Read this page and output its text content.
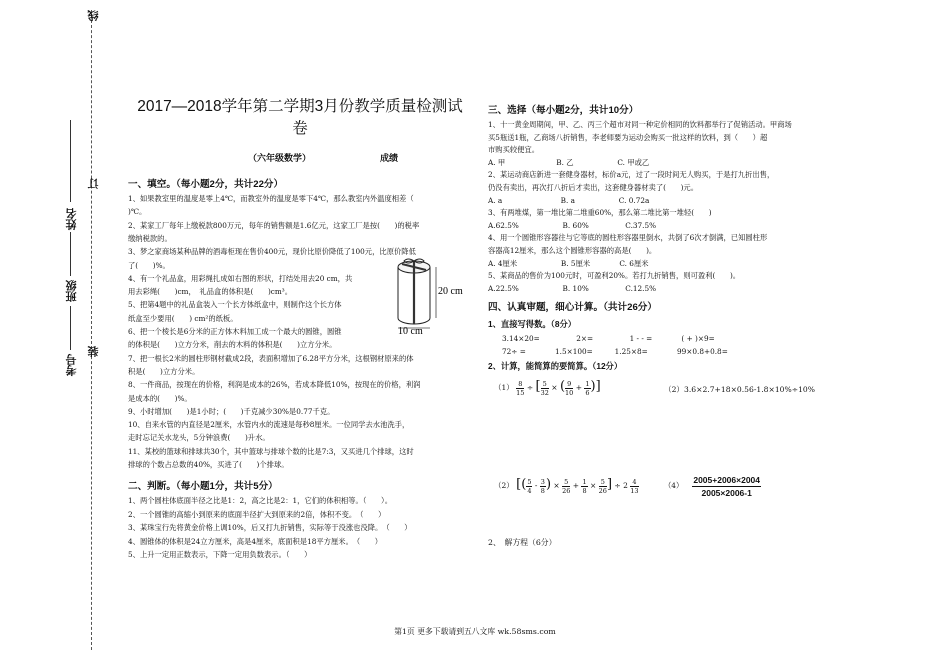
线
订
装
姓名
班级
考号
2017—2018学年第二学期3月份教学质量检测试
卷
（六年级数学）	成绩
一、填空。（每小题2分，共计22分）
1、如果教室里的温度是零上4℃，而教室外的温度是零下4℃，那么教室内外温度相差（
)℃。
2、某家工厂每年上缴税款800万元，每年的销售额是1.6亿元，这家工厂是按(　　)的税率
缴纳税款的。
3、梦之家商场某种品牌的酒毒柜现在售价400元，现价比原价降低了100元，比原价降低
了(　　)%。
4、有一个礼品盒，用彩绳扎成如右图的形状，打结处用去20 cm，共
用去彩绳(　　)cm，　礼品盒的体积是(　　)cm³。
5、把第4题中的礼品盒装入一个长方体纸盒中，则制作这个长方体
纸盒至少要用(　　) cm²的纸板。
6、把一个棱长是6分米的正方体木料加工成一个最大的圆锥，圆锥
的体积是(　　)立方分米，削去的木料的体积是(　　)立方分米。
7、把一根长2米的圆柱形钢材截成2段，表面积增加了6.28平方分米，这根钢材原来的体
积是(　　)立方分米。
8、一件商品，按现在的价格，利润是成本的26%，若成本降低10%，按现在的价格，利润
是成本的(　　)%。
9、小时增加(　　)是1小时；(　　)千克减少30%是0.77千克。
10、自来水管的内直径是2厘米，水管内水的流速是每秒8厘米。一位同学去水池洗手，
走时忘记关水龙头，5分钟浪费(　　)升水。
11、某校的篮球和排球共30个，其中篮球与排球个数的比是7:3，又买进几个排球，这时
排球的个数占总数的40%，买进了(　　)个排球。
20 cm
10 cm
二、判断。（每小题1分，共计5分）
1、两个圆柱体底面半径之比是1：2，高之比是2：1，它们的体积相等。（　　）。
2、一个圆锥的高缩小到原来的底面半径扩大到原来的2倍，体积不变。　（　　）
3、某珠宝行先将黄金价格上调10%，后又打九折销售，实际等于没涨也没降。　（　　）
4、圆锥体的体积是24立方厘米，高是4厘米，底面积是18平方厘米。　（　　）
5、上升一定用正数表示，下降一定用负数表示。（　　）
三、选择（每小题2分，共计10分）
1、十一黄金周期间，甲、乙、丙三个超市对同一种定价相同的饮料都举行了促销活动。甲商场
买5瓶送1瓶，乙商场八折销售，李老师要为运动会购买一批这样的饮料，到（　　）超
市购买较便宜。
A. 甲　　　　　　　B. 乙　　　　　　C. 甲或乙
2、某运动商店新进一套健身器材，标价a元，过了一段时间无人购买，于是打九折出售，
仍没有卖出，再次打八折后才卖出，这套健身器材卖了(　　)元。
A. a　　　　　　　　B. a　　　　　　C. 0.72a
3、有两堆煤，第一堆比第二堆重60%，那么第二堆比第一堆轻(　　)
A.62.5%　　　　　　B. 60%　　　　　C.37.5%
4、用一个圆锥形容器往与它等底的圆柱形容器里倒水，共倒了6次才倒满，已知圆柱形
容器高12厘米，那么这个圆锥形容器的高是(　　)。
A. 4厘米　　　　　　B. 5厘米　　　　C. 6厘米
5、某商品的售价为100元时，可盈利20%。若打九折销售，则可盈利(　　)。
A.22.5%　　　　　　B. 10%　　　　　C.12.5%
四、认真审题，细心计算。（共计26分）
1、直接写得数。（8分）
3.14×20=　　　　　2×=　　　　　1 - - =　　　　( + )×9=
72÷ =　　　　1.5×100=　　　1.25×8=　　　　99×0.8+0.8=
2、计算，能简算的要简算。（12分）
$(1) \frac{8}{15}$ ÷ [ $\frac{5}{32}$ × ( $\frac{9}{10} + \frac{1}{6}$ )]	（2）3.6×2.7+18×0.56-1.8×10%÷10%
（2） [( $\frac{5}{4} - \frac{3}{8}$ ) × $\frac{5}{26} + \frac{1}{8} \times \frac{5}{26}$ ] ÷ $2 \frac{4}{13}$	$(4) \frac{2005+2006\times 2004}{2005\times 2006-1}$
2、　解方程（6分）
第1页 更多下载请到五八文库 wk.58sms.com
